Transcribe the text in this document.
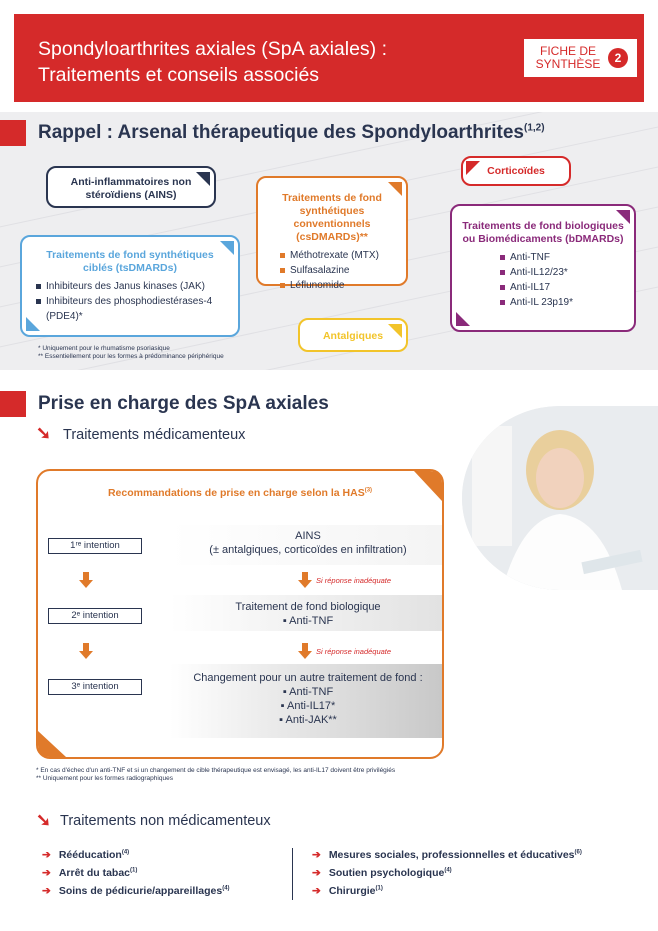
Spondyloarthrites axiales (SpA axiales) :
Traitements et conseils associés
FICHE DE SYNTHÈSE	2
Rappel : Arsenal thérapeutique des Spondyloarthrites$^{(1,2)}$
Anti-inflammatoires non stéroïdiens (AINS)
Corticoïdes
Traitements de fond synthétiques conventionnels (csDMARDs)**
Méthotrexate (MTX)
Sulfasalazine
Léflunomide
Traitements de fond synthétiques ciblés (tsDMARDs)
Inhibiteurs des Janus kinases (JAK)
Inhibiteurs des phosphodiestérases-4 (PDE4)*
Traitements de fond biologiques ou Biomédicaments (bDMARDs)
Anti-TNF
Anti-IL12/23*
Anti-IL17
Anti-IL 23p19*
Antalgiques
* Uniquement pour le rhumatisme psoriasique
** Essentiellement pour les formes à prédominance périphérique
Prise en charge des SpA axiales
➘ Traitements médicamenteux
Recommandations de prise en charge selon la HAS$^{(3)}$
1ʳᵉ intention
2ᵉ intention
3ᵉ intention
AINS
(± antalgiques, corticoïdes en infiltration)
Traitement de fond biologique
▪ Anti-TNF
Changement pour un autre traitement de fond :
▪ Anti-TNF
▪ Anti-IL17*
▪ Anti-JAK**
Si réponse inadéquate
Si réponse inadéquate
* En cas d'échec d'un anti-TNF et si un changement de cible thérapeutique est envisagé, les anti-IL17 doivent être privilégiés
** Uniquement pour les formes radiographiques
➘ Traitements non médicamenteux
➔ Rééducation$^{(4)}$
➔ Arrêt du tabac$^{(1)}$
➔ Soins de pédicurie/appareillages$^{(4)}$
➔ Mesures sociales, professionnelles et éducatives$^{(6)}$
➔ Soutien psychologique$^{(4)}$
➔ Chirurgie$^{(1)}$
